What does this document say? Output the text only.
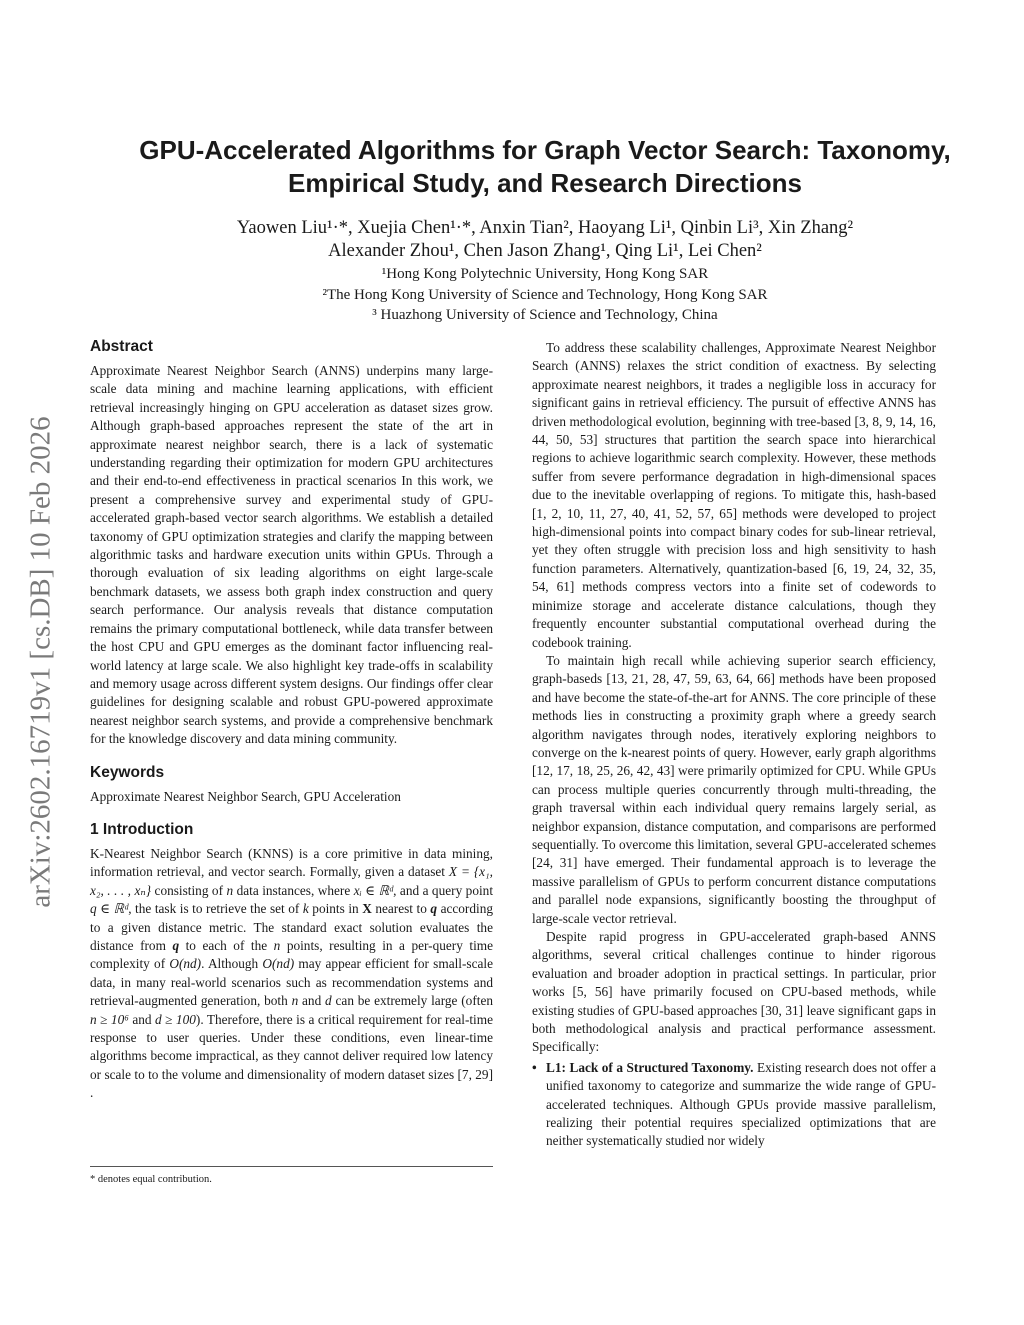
arXiv:2602.16719v1 [cs.DB] 10 Feb 2026
GPU-Accelerated Algorithms for Graph Vector Search: Taxonomy,
Empirical Study, and Research Directions
Yaowen Liu¹·*, Xuejia Chen¹·*, Anxin Tian², Haoyang Li¹, Qinbin Li³, Xin Zhang²
Alexander Zhou¹, Chen Jason Zhang¹, Qing Li¹, Lei Chen²
¹Hong Kong Polytechnic University, Hong Kong SAR
²The Hong Kong University of Science and Technology, Hong Kong SAR
³ Huazhong University of Science and Technology, China
Abstract

Approximate Nearest Neighbor Search (ANNS) underpins many large-scale data mining and machine learning applications, with efficient retrieval increasingly hinging on GPU acceleration as dataset sizes grow. Although graph-based approaches represent the state of the art in approximate nearest neighbor search, there is a lack of systematic understanding regarding their optimization for modern GPU architectures and their end-to-end effectiveness in practical scenarios In this work, we present a comprehensive survey and experimental study of GPU-accelerated graph-based vector search algorithms. We establish a detailed taxonomy of GPU optimization strategies and clarify the mapping between algorithmic tasks and hardware execution units within GPUs. Through a thorough evaluation of six leading algorithms on eight large-scale benchmark datasets, we assess both graph index construction and query search performance. Our analysis reveals that distance computation remains the primary computational bottleneck, while data transfer between the host CPU and GPU emerges as the dominant factor influencing real-world latency at large scale. We also highlight key trade-offs in scalability and memory usage across different system designs. Our findings offer clear guidelines for designing scalable and robust GPU-powered approximate nearest neighbor search systems, and provide a comprehensive benchmark for the knowledge discovery and data mining community.

Keywords

Approximate Nearest Neighbor Search, GPU Acceleration

1 Introduction

K-Nearest Neighbor Search (KNNS) is a core primitive in data mining, information retrieval, and vector search. Formally, given a dataset X = {x₁, x₂, . . . , xₙ} consisting of n data instances, where xᵢ ∈ ℝᵈ, and a query point q ∈ ℝᵈ, the task is to retrieve the set of k points in X nearest to q according to a given distance metric. The standard exact solution evaluates the distance from q to each of the n points, resulting in a per-query time complexity of O(nd). Although O(nd) may appear efficient for small-scale data, in many real-world scenarios such as recommendation systems and retrieval-augmented generation, both n and d can be extremely large (often n ≥ 10⁶ and d ≥ 100). Therefore, there is a critical requirement for real-time response to user queries. Under these conditions, even linear-time algorithms become impractical, as they cannot deliver required low latency or scale to to the volume and dimensionality of modern dataset sizes [7, 29] .

* denotes equal contribution.

To address these scalability challenges, Approximate Nearest Neighbor Search (ANNS) relaxes the strict condition of exactness. By selecting approximate nearest neighbors, it trades a negligible loss in accuracy for significant gains in retrieval efficiency. The pursuit of effective ANNS has driven methodological evolution, beginning with tree-based [3, 8, 9, 14, 16, 44, 50, 53] structures that partition the search space into hierarchical regions to achieve logarithmic search complexity. However, these methods suffer from severe performance degradation in high-dimensional spaces due to the inevitable overlapping of regions. To mitigate this, hash-based [1, 2, 10, 11, 27, 40, 41, 52, 57, 65] methods were developed to project high-dimensional points into compact binary codes for sub-linear retrieval, yet they often struggle with precision loss and high sensitivity to hash function parameters. Alternatively, quantization-based [6, 19, 24, 32, 35, 54, 61] methods compress vectors into a finite set of codewords to minimize storage and accelerate distance calculations, though they frequently encounter substantial computational overhead during the codebook training.

To maintain high recall while achieving superior search efficiency, graph-baseds [13, 21, 28, 47, 59, 63, 64, 66] methods have been proposed and have become the state-of-the-art for ANNS. The core principle of these methods lies in constructing a proximity graph where a greedy search algorithm navigates through nodes, iteratively exploring neighbors to converge on the k-nearest points of query. However, early graph algorithms [12, 17, 18, 25, 26, 42, 43] were primarily optimized for CPU. While GPUs can process multiple queries concurrently through multi-threading, the graph traversal within each individual query remains largely serial, as neighbor expansion, distance computation, and comparisons are performed sequentially. To overcome this limitation, several GPU-accelerated schemes [24, 31] have emerged. Their fundamental approach is to leverage the massive parallelism of GPUs to perform concurrent distance computations and parallel node expansions, significantly boosting the throughput of large-scale vector retrieval.

Despite rapid progress in GPU-accelerated graph-based ANNS algorithms, several critical challenges continue to hinder rigorous evaluation and broader adoption in practical settings. In particular, prior works [5, 56] have primarily focused on CPU-based methods, while existing studies of GPU-based approaches [30, 31] leave significant gaps in both methodological analysis and practical performance assessment. Specifically:

• L1: Lack of a Structured Taxonomy. Existing research does not offer a unified taxonomy to categorize and summarize the wide range of GPU-accelerated techniques. Although GPUs provide massive parallelism, realizing their potential requires specialized optimizations that are neither systematically studied nor widely
